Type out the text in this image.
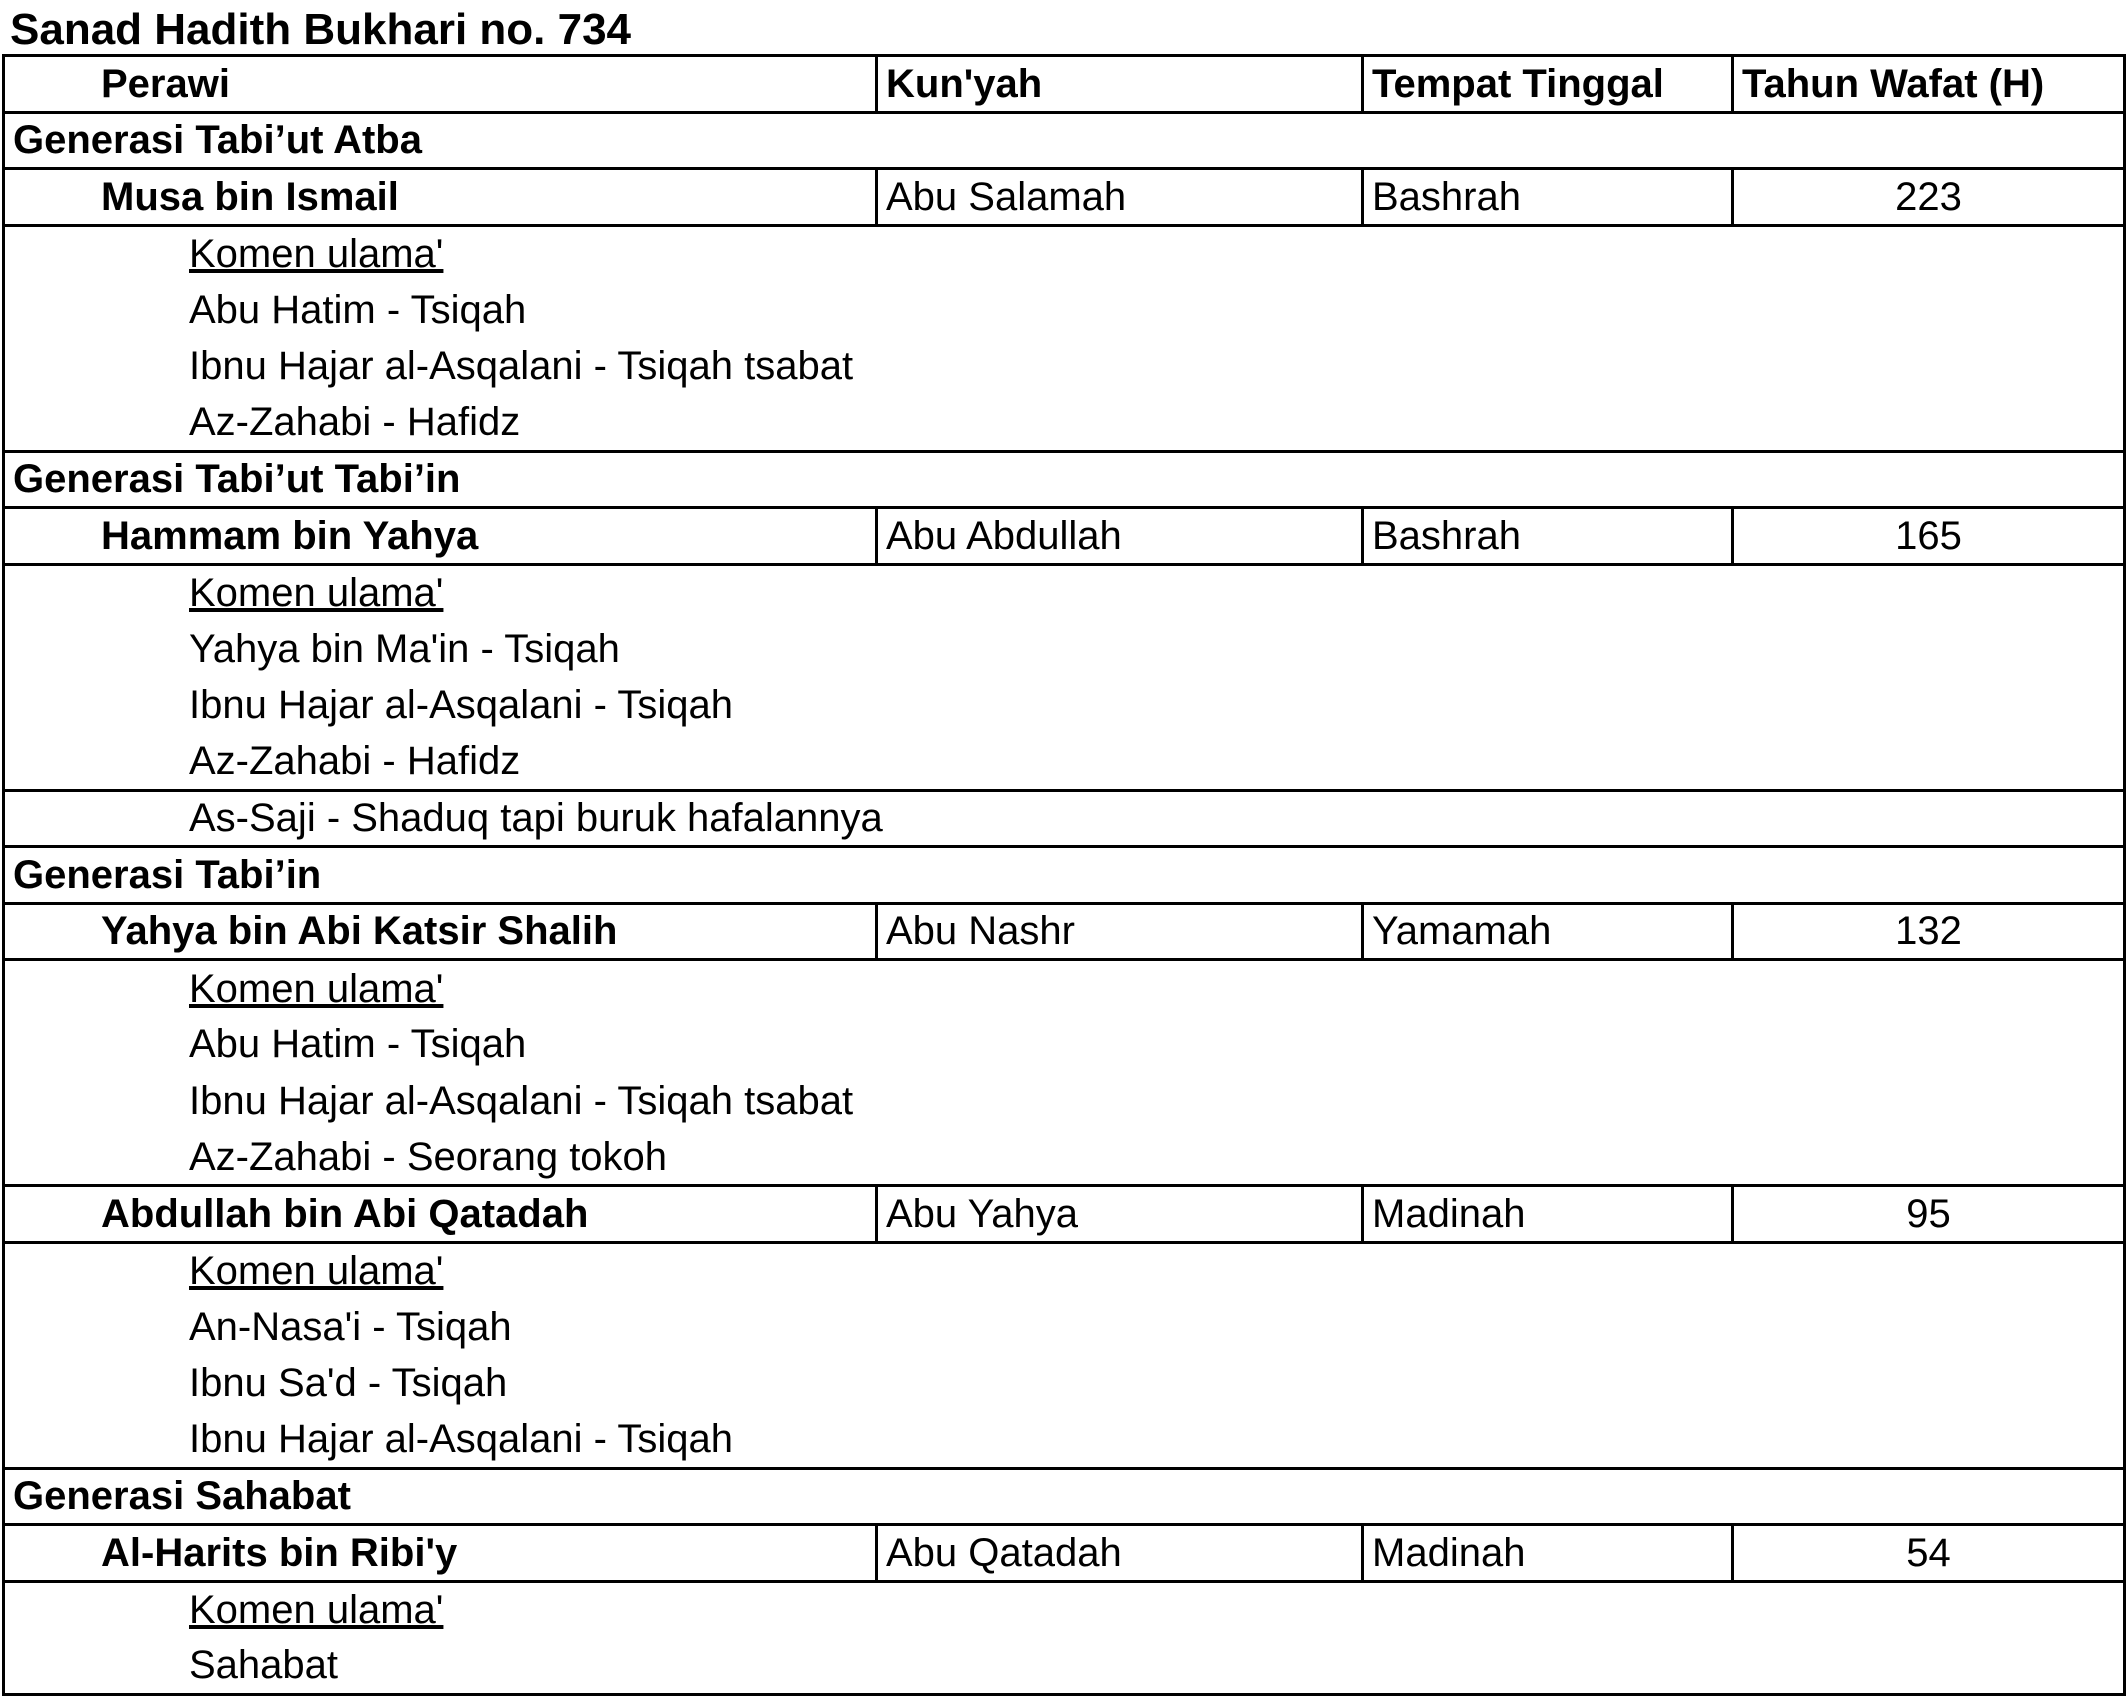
Sanad Hadith Bukhari no. 734
Perawi	Kun'yah	Tempat Tinggal	Tahun Wafat (H)
Generasi Tabi’ut Atba			
Musa bin Ismail	Abu Salamah	Bashrah	223
Komen ulama'			
Abu Hatim - Tsiqah			
Ibnu Hajar al-Asqalani - Tsiqah tsabat			
Az-Zahabi - Hafidz			
Generasi Tabi’ut Tabi’in			
Hammam bin Yahya	Abu Abdullah	Bashrah	165
Komen ulama'			
Yahya bin Ma'in - Tsiqah			
Ibnu Hajar al-Asqalani - Tsiqah			
Az-Zahabi - Hafidz			
As-Saji - Shaduq tapi buruk hafalannya			
Generasi Tabi’in			
Yahya bin Abi Katsir Shalih	Abu Nashr	Yamamah	132
Komen ulama'			
Abu Hatim - Tsiqah			
Ibnu Hajar al-Asqalani - Tsiqah tsabat			
Az-Zahabi - Seorang tokoh			
Abdullah bin Abi Qatadah	Abu Yahya	Madinah	95
Komen ulama'			
An-Nasa'i - Tsiqah			
Ibnu Sa'd - Tsiqah			
Ibnu Hajar al-Asqalani - Tsiqah			
Generasi Sahabat			
Al-Harits bin Ribi'y	Abu Qatadah	Madinah	54
Komen ulama'			
Sahabat			
